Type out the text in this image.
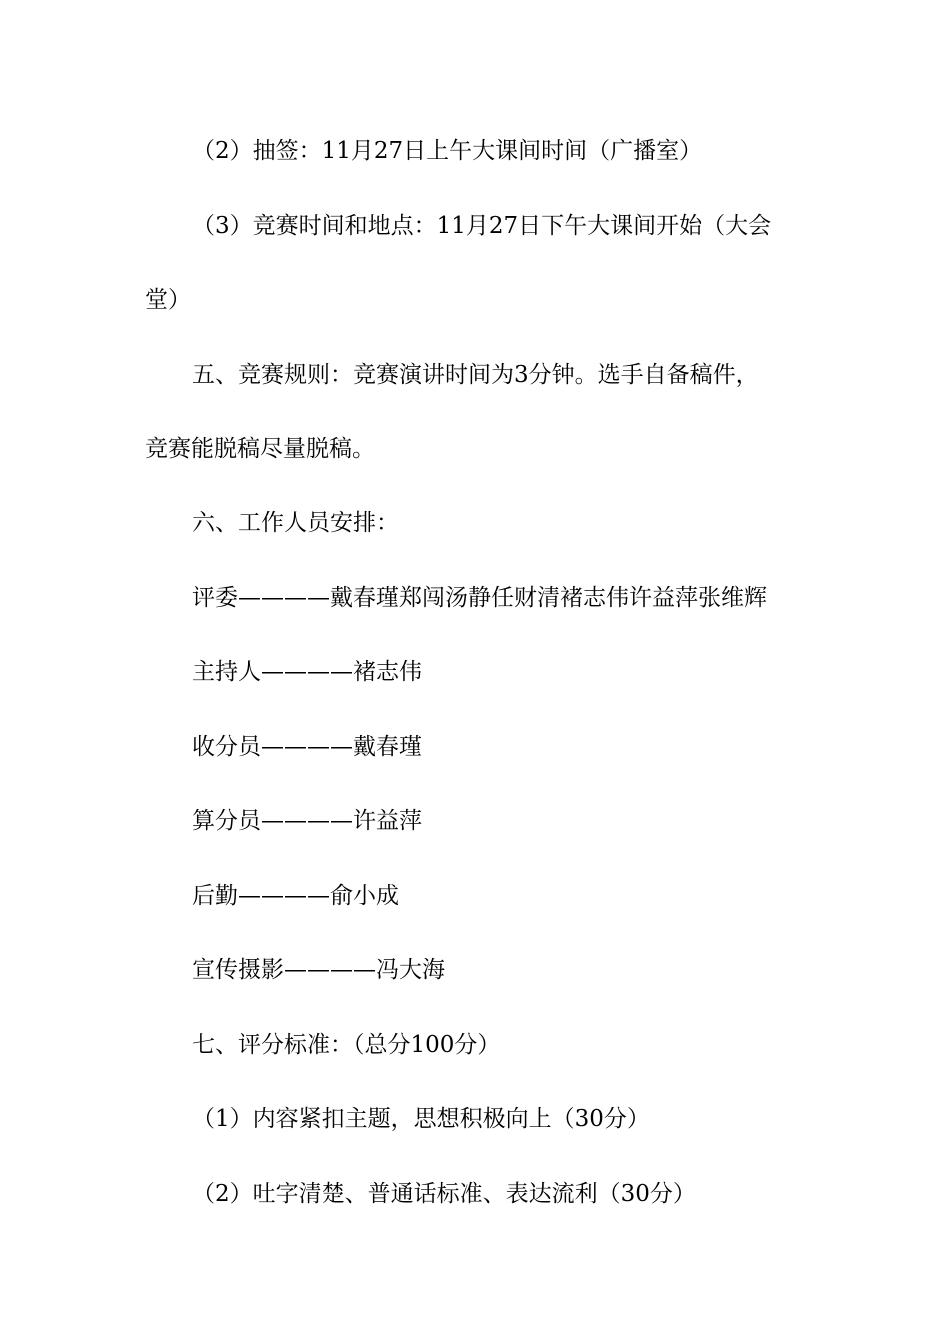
（2）抽签：11月27日上午大课间时间（广播室）
（3）竞赛时间和地点：11月27日下午大课间开始（大会
堂）
五、竞赛规则：竞赛演讲时间为3分钟。选手自备稿件，
竞赛能脱稿尽量脱稿。
六、工作人员安排：
评委————戴春瑾郑闯汤静任财清褚志伟许益萍张维辉
主持人————褚志伟
收分员————戴春瑾
算分员————许益萍
后勤————俞小成
宣传摄影————冯大海
七、评分标准：（总分100分）
（1）内容紧扣主题，思想积极向上（30分）
（2）吐字清楚、普通话标准、表达流利（30分）
